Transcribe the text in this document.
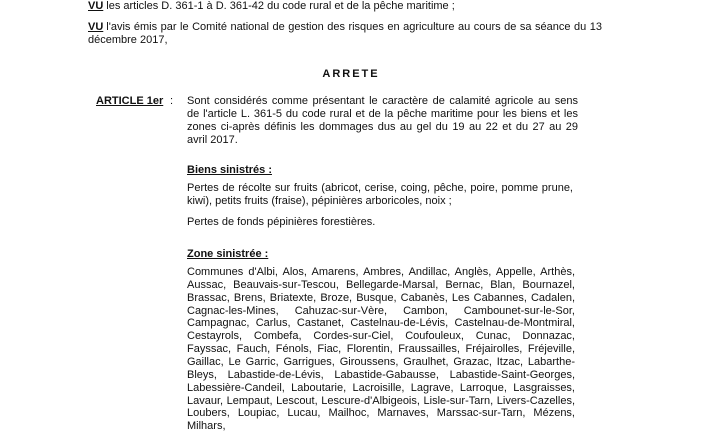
VU les articles D. 361-1 à D. 361-42 du code rural et de la pêche maritime ;
VU l'avis émis par le Comité national de gestion des risques en agriculture au cours de sa séance du 13 décembre 2017,
ARRETE
ARTICLE 1er : Sont considérés comme présentant le caractère de calamité agricole au sens de l'article L. 361-5 du code rural et de la pêche maritime pour les biens et les zones ci-après définis les dommages dus au gel du 19 au 22 et du 27 au 29 avril 2017.
Biens sinistrés :
Pertes de récolte sur fruits (abricot, cerise, coing, pêche, poire, pomme prune, kiwi), petits fruits (fraise), pépinières arboricoles, noix ;
Pertes de fonds pépinières forestières.
Zone sinistrée :
Communes d'Albi, Alos, Amarens, Ambres, Andillac, Anglès, Appelle, Arthès, Aussac, Beauvais-sur-Tescou, Bellegarde-Marsal, Bernac, Blan, Bournazel, Brassac, Brens, Briatexte, Broze, Busque, Cabanès, Les Cabannes, Cadalen, Cagnac-les-Mines, Cahuzac-sur-Vère, Cambon, Cambounet-sur-le-Sor, Campagnac, Carlus, Castanet, Castelnau-de-Lévis, Castelnau-de-Montmiral, Cestayrols, Combefa, Cordes-sur-Ciel, Coufouleux, Cunac, Donnazac, Fayssac, Fauch, Fénols, Fiac, Florentin, Fraussailles, Fréjairolles, Fréjeville, Gaillac, Le Garric, Garrigues, Giroussens, Graulhet, Grazac, Itzac, Labarthe-Bleys, Labastide-de-Lévis, Labastide-Gabausse, Labastide-Saint-Georges, Labessière-Candeil, Laboutarie, Lacroisille, Lagrave, Larroque, Lasgraisses, Lavaur, Lempaut, Lescout, Lescure-d'Albigeois, Lisle-sur-Tarn, Livers-Cazelles, Loubers, Loupiac, Lucau, Mailhoc, Marnaves, Marssac-sur-Tarn, Mézens, Milhars,
